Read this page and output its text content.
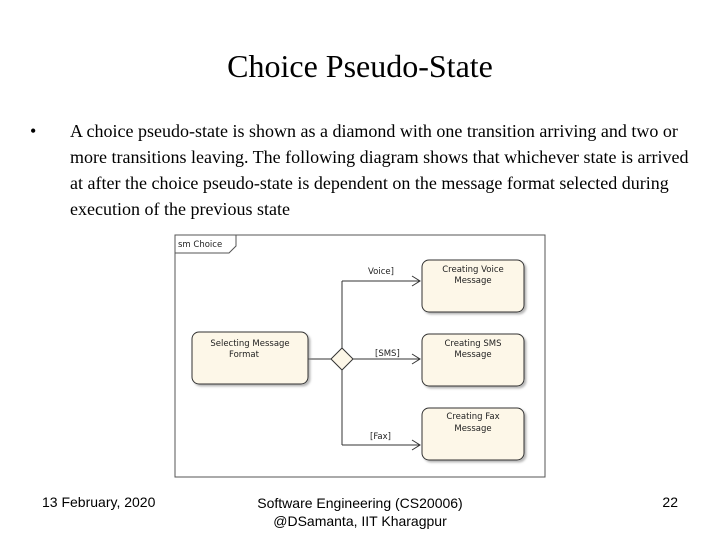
Choice Pseudo-State
• A choice pseudo-state is shown as a diamond with one transition arriving and two or more transitions leaving. The following diagram shows that whichever state is arrived at after the choice pseudo-state is dependent on the message format selected during execution of the previous state
sm Choice
Voice]
[SMS]
[Fax]
Selecting Message
Format
Creating Voice
Message
Creating SMS
Message
Creating Fax
Message
13 February, 2020	Software Engineering (CS20006)
@DSamanta, IIT Kharagpur
22
